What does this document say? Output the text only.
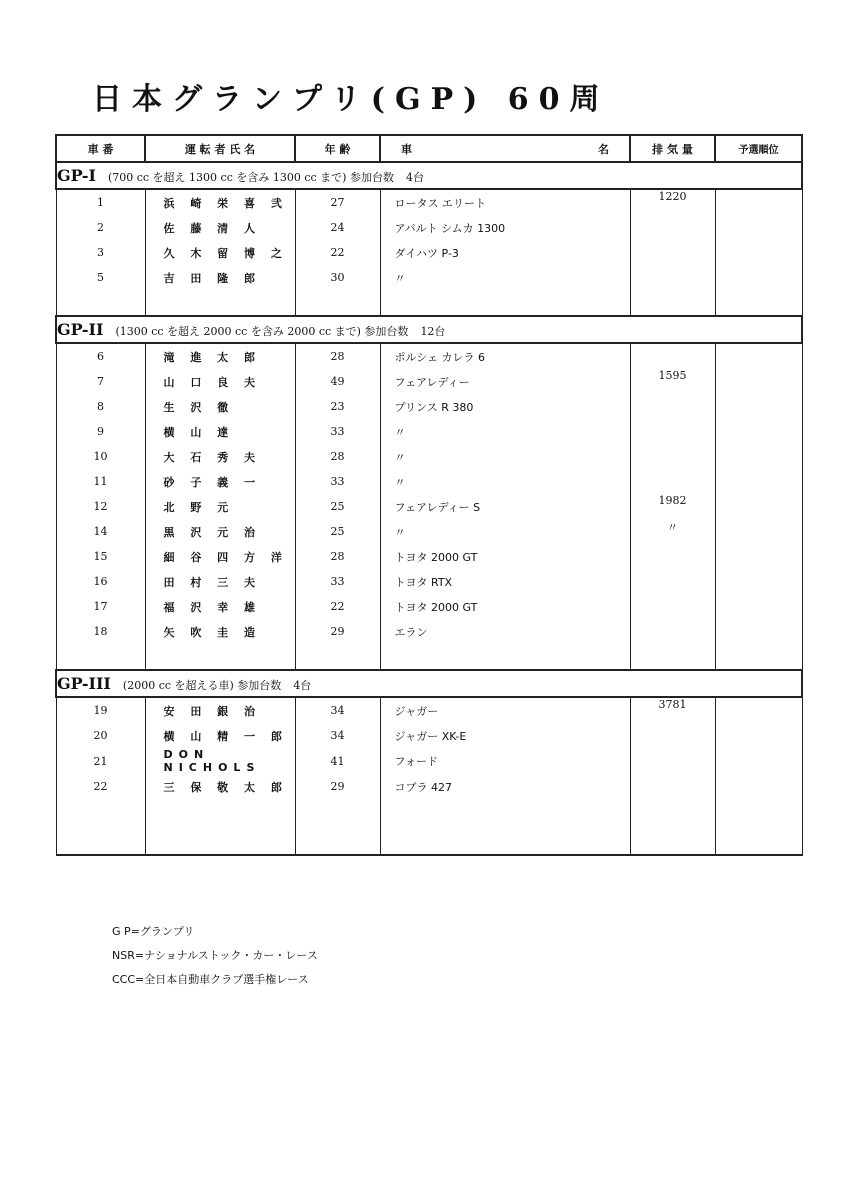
日本グランプリ(GP) 60周
車 番	運 転 者 氏 名	年 齢	車 名	排 気 量	予選順位
GP-I (700 cc を超え 1300 cc を含み 1300 cc まで) 参加台数 4台					
1	浜 崎 栄 喜 弐	27	ロータス エリート	1220	
2	佐 藤 清 人	24	アバルト シムカ 1300		
3	久 木 留 博 之	22	ダイハツ P-3		
5	吉 田 隆 郎	30	〃		

GP-II (1300 cc を超え 2000 cc を含み 2000 cc まで) 参加台数 12台					
6	滝 進 太 郎	28	ポルシェ カレラ 6		
7	山 口 良 夫	49	フェアレディー	1595	
8	生 沢 徹	23	プリンス R 380		
9	横 山 達	33	〃		
10	大 石 秀 夫	28	〃		
11	砂 子 義 一	33	〃		
12	北 野 元	25	フェアレディー S	1982	
14	黒 沢 元 治	25	〃	〃	
15	細 谷 四 方 洋	28	トヨタ 2000 GT		
16	田 村 三 夫	33	トヨタ RTX		
17	福 沢 幸 雄	22	トヨタ 2000 GT		
18	矢 吹 圭 造	29	エラン		

GP-III (2000 cc を超える車) 参加台数 4台					
19	安 田 銀 治	34	ジャガー	3781	
20	横 山 精 一 郎	34	ジャガー XK-E		
21	DON NICHOLS	41	フォード		
22	三 保 敬 太 郎	29	コブラ 427		

G P=グランプリ
NSR=ナショナルストック・カー・レース
CCC=全日本自動車クラブ選手権レース
